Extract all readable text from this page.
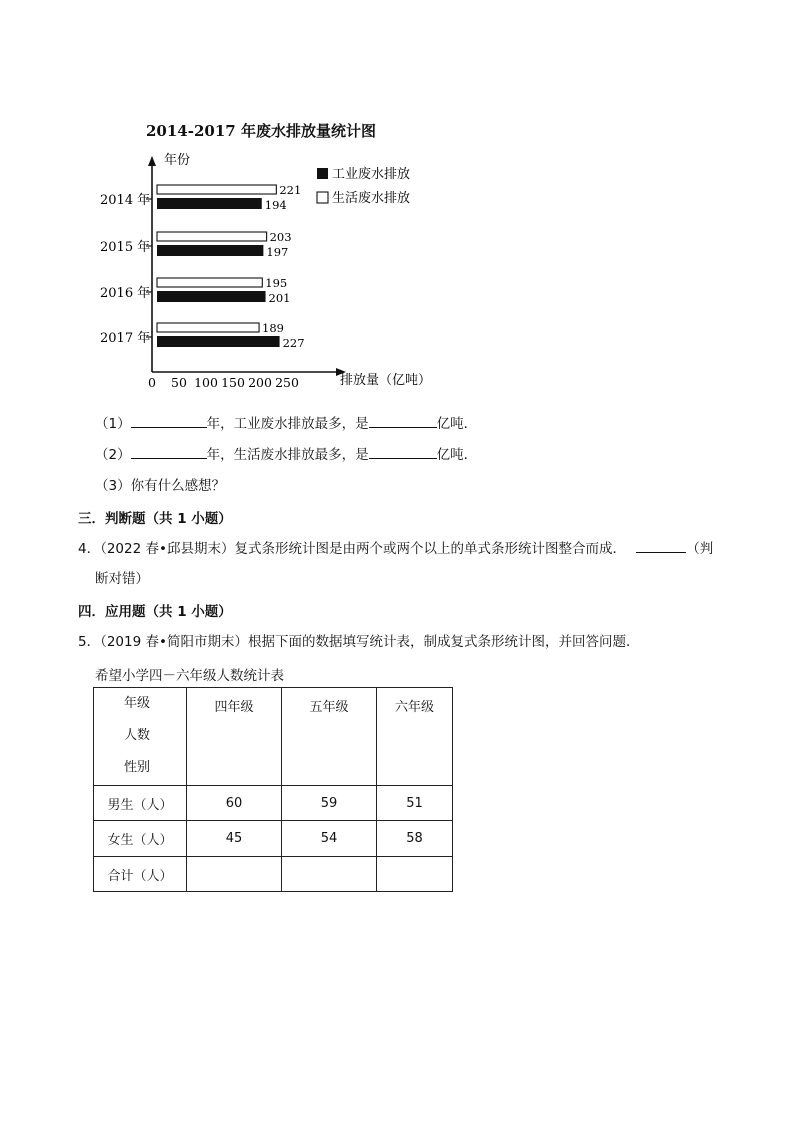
2014-2017 年废水排放量统计图
年份
排放量（亿吨）
0 50 100 150 200 250
2014 年
221
194
2015 年
203
197
2016 年
195
201
2017 年
189
227
工业废水排放
生活废水排放
（1）	年，工业废水排放最多，是	亿吨．
（2）	年，生活废水排放最多，是	亿吨．
（3）你有什么感想？
三．判断题（共 1 小题）
4．（2022 春•邱县期末）复式条形统计图是由两个或两个以上的单式条形统计图整合而成．	（判
断对错）
四．应用题（共 1 小题）
5．（2019 春•简阳市期末）根据下面的数据填写统计表，制成复式条形统计图，并回答问题．
希望小学四－六年级人数统计表
年级
人数
性别	四年级	五年级	六年级
男生（人）	60	59	51
女生（人）	45	54	58
合计（人）			
